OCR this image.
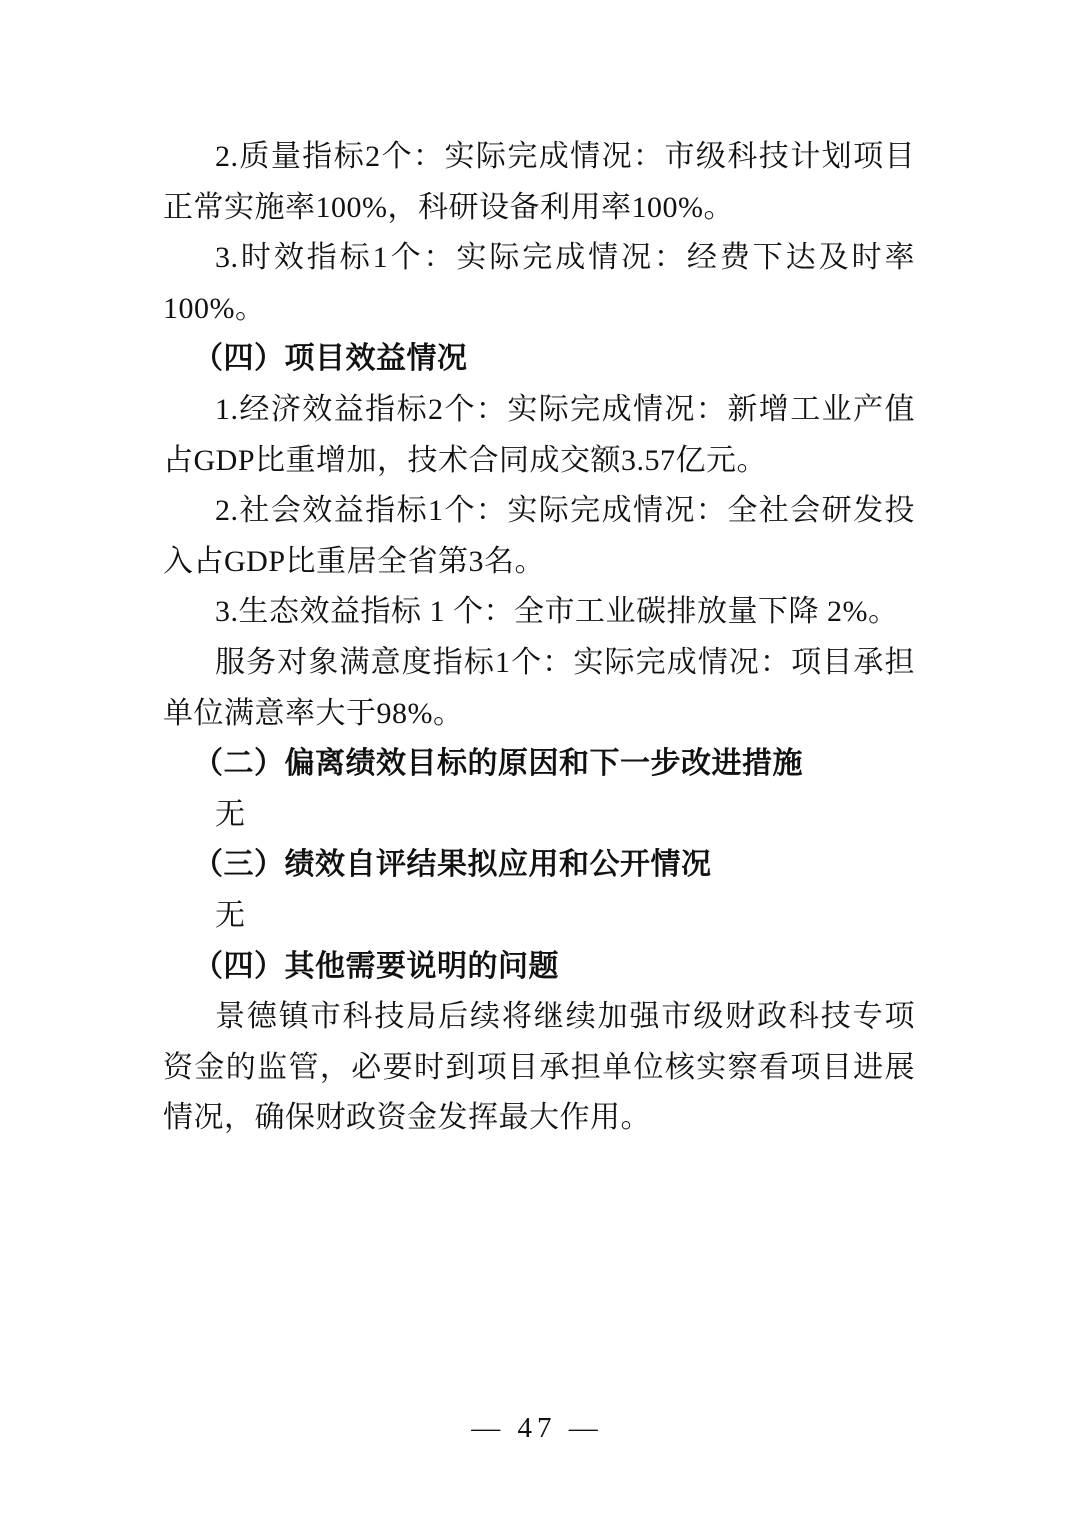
2.质量指标2个：实际完成情况：市级科技计划项目正常实施率100%，科研设备利用率100%。

3.时效指标1个：实际完成情况：经费下达及时率100%。

（四）项目效益情况

1.经济效益指标2个：实际完成情况：新增工业产值占GDP比重增加，技术合同成交额3.57亿元。

2.社会效益指标1个：实际完成情况：全社会研发投入占GDP比重居全省第3名。

3.生态效益指标 1 个：全市工业碳排放量下降 2%。

服务对象满意度指标1个：实际完成情况：项目承担单位满意率大于98%。

（二）偏离绩效目标的原因和下一步改进措施

无

（三）绩效自评结果拟应用和公开情况

无

（四）其他需要说明的问题

景德镇市科技局后续将继续加强市级财政科技专项资金的监管，必要时到项目承担单位核实察看项目进展情况，确保财政资金发挥最大作用。

— 47 —
